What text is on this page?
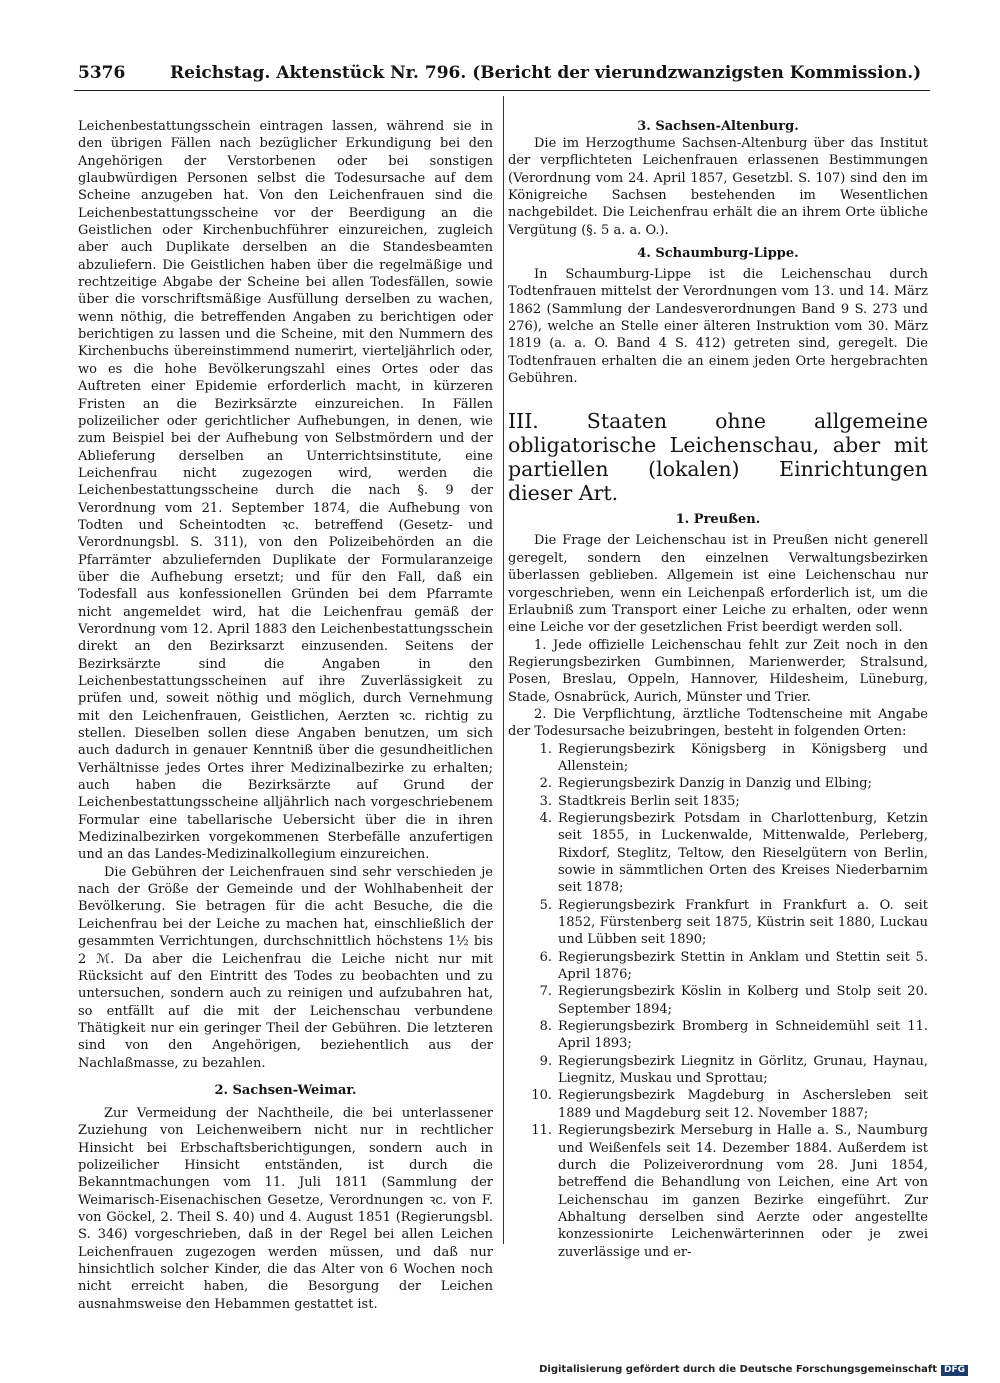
5376	Reichstag. Aktenstück Nr. 796. (Bericht der vierundzwanzigsten Kommission.)

Leichenbestattungsschein eintragen lassen, während sie in den übrigen Fällen nach bezüglicher Erkundigung bei den Angehörigen der Verstorbenen oder bei sonstigen glaubwürdigen Personen selbst die Todesursache auf dem Scheine anzugeben hat. Von den Leichenfrauen sind die Leichenbestattungsscheine vor der Beerdigung an die Geistlichen oder Kirchenbuchführer einzureichen, zugleich aber auch Duplikate derselben an die Standesbeamten abzuliefern. Die Geistlichen haben über die regelmäßige und rechtzeitige Abgabe der Scheine bei allen Todesfällen, sowie über die vorschriftsmäßige Ausfüllung derselben zu wachen, wenn nöthig, die betreffenden Angaben zu berichtigen oder berichtigen zu lassen und die Scheine, mit den Nummern des Kirchenbuchs übereinstimmend numerirt, vierteljährlich oder, wo es die hohe Bevölkerungszahl eines Ortes oder das Auftreten einer Epidemie erforderlich macht, in kürzeren Fristen an die Bezirksärzte einzureichen. In Fällen polizeilicher oder gerichtlicher Aufhebungen, in denen, wie zum Beispiel bei der Aufhebung von Selbstmördern und der Ablieferung derselben an Unterrichtsinstitute, eine Leichenfrau nicht zugezogen wird, werden die Leichenbestattungsscheine durch die nach §. 9 der Verordnung vom 21. September 1874, die Aufhebung von Todten und Scheintodten ꝛc. betreffend (Gesetz- und Verordnungsbl. S. 311), von den Polizeibehörden an die Pfarrämter abzuliefernden Duplikate der Formularanzeige über die Aufhebung ersetzt; und für den Fall, daß ein Todesfall aus konfessionellen Gründen bei dem Pfarramte nicht angemeldet wird, hat die Leichenfrau gemäß der Verordnung vom 12. April 1883 den Leichenbestattungsschein direkt an den Bezirksarzt einzusenden. Seitens der Bezirksärzte sind die Angaben in den Leichenbestattungsscheinen auf ihre Zuverlässigkeit zu prüfen und, soweit nöthig und möglich, durch Vernehmung mit den Leichenfrauen, Geistlichen, Aerzten ꝛc. richtig zu stellen. Dieselben sollen diese Angaben benutzen, um sich auch dadurch in genauer Kenntniß über die gesundheitlichen Verhältnisse jedes Ortes ihrer Medizinalbezirke zu erhalten; auch haben die Bezirksärzte auf Grund der Leichenbestattungsscheine alljährlich nach vorgeschriebenem Formular eine tabellarische Uebersicht über die in ihren Medizinalbezirken vorgekommenen Sterbefälle anzufertigen und an das Landes-Medizinalkollegium einzureichen.

Die Gebühren der Leichenfrauen sind sehr verschieden je nach der Größe der Gemeinde und der Wohlhabenheit der Bevölkerung. Sie betragen für die acht Besuche, die die Leichenfrau bei der Leiche zu machen hat, einschließlich der gesammten Verrichtungen, durchschnittlich höchstens 1½ bis 2 ℳ. Da aber die Leichenfrau die Leiche nicht nur mit Rücksicht auf den Eintritt des Todes zu beobachten und zu untersuchen, sondern auch zu reinigen und aufzubahren hat, so entfällt auf die mit der Leichenschau verbundene Thätigkeit nur ein geringer Theil der Gebühren. Die letzteren sind von den Angehörigen, beziehentlich aus der Nachlaßmasse, zu bezahlen.

2. Sachsen-Weimar.

Zur Vermeidung der Nachtheile, die bei unterlassener Zuziehung von Leichenweibern nicht nur in rechtlicher Hinsicht bei Erbschaftsberichtigungen, sondern auch in polizeilicher Hinsicht entständen, ist durch die Bekanntmachungen vom 11. Juli 1811 (Sammlung der Weimarisch-Eisenachischen Gesetze, Verordnungen ꝛc. von F. von Göckel, 2. Theil S. 40) und 4. August 1851 (Regierungsbl. S. 346) vorgeschrieben, daß in der Regel bei allen Leichen Leichenfrauen zugezogen werden müssen, und daß nur hinsichtlich solcher Kinder, die das Alter von 6 Wochen noch nicht erreicht haben, die Besorgung der Leichen ausnahmsweise den Hebammen gestattet ist.

3. Sachsen-Altenburg.

Die im Herzogthume Sachsen-Altenburg über das Institut der verpflichteten Leichenfrauen erlassenen Bestimmungen (Verordnung vom 24. April 1857, Gesetzbl. S. 107) sind den im Königreiche Sachsen bestehenden im Wesentlichen nachgebildet. Die Leichenfrau erhält die an ihrem Orte übliche Vergütung (§. 5 a. a. O.).

4. Schaumburg-Lippe.

In Schaumburg-Lippe ist die Leichenschau durch Todtenfrauen mittelst der Verordnungen vom 13. und 14. März 1862 (Sammlung der Landesverordnungen Band 9 S. 273 und 276), welche an Stelle einer älteren Instruktion vom 30. März 1819 (a. a. O. Band 4 S. 412) getreten sind, geregelt. Die Todtenfrauen erhalten die an einem jeden Orte hergebrachten Gebühren.

III. Staaten ohne allgemeine obligatorische Leichenschau, aber mit partiellen (lokalen) Einrichtungen dieser Art.
1. Preußen.

Die Frage der Leichenschau ist in Preußen nicht generell geregelt, sondern den einzelnen Verwaltungsbezirken überlassen geblieben. Allgemein ist eine Leichenschau nur vorgeschrieben, wenn ein Leichenpaß erforderlich ist, um die Erlaubniß zum Transport einer Leiche zu erhalten, oder wenn eine Leiche vor der gesetzlichen Frist beerdigt werden soll.

1. Jede offizielle Leichenschau fehlt zur Zeit noch in den Regierungsbezirken Gumbinnen, Marienwerder, Stralsund, Posen, Breslau, Oppeln, Hannover, Hildesheim, Lüneburg, Stade, Osnabrück, Aurich, Münster und Trier.

2. Die Verpflichtung, ärztliche Todtenscheine mit Angabe der Todesursache beizubringen, besteht in folgenden Orten:

1. Regierungsbezirk Königsberg in Königsberg und Allenstein;
2. Regierungsbezirk Danzig in Danzig und Elbing;
3. Stadtkreis Berlin seit 1835;
4. Regierungsbezirk Potsdam in Charlottenburg, Ketzin seit 1855, in Luckenwalde, Mittenwalde, Perleberg, Rixdorf, Steglitz, Teltow, den Rieselgütern von Berlin, sowie in sämmtlichen Orten des Kreises Niederbarnim seit 1878;
5. Regierungsbezirk Frankfurt in Frankfurt a. O. seit 1852, Fürstenberg seit 1875, Küstrin seit 1880, Luckau und Lübben seit 1890;
6. Regierungsbezirk Stettin in Anklam und Stettin seit 5. April 1876;
7. Regierungsbezirk Köslin in Kolberg und Stolp seit 20. September 1894;
8. Regierungsbezirk Bromberg in Schneidemühl seit 11. April 1893;
9. Regierungsbezirk Liegnitz in Görlitz, Grunau, Haynau, Liegnitz, Muskau und Sprottau;
10. Regierungsbezirk Magdeburg in Aschersleben seit 1889 und Magdeburg seit 12. November 1887;
11. Regierungsbezirk Merseburg in Halle a. S., Naumburg und Weißenfels seit 14. Dezember 1884. Außerdem ist durch die Polizeiverordnung vom 28. Juni 1854, betreffend die Behandlung von Leichen, eine Art von Leichenschau im ganzen Bezirke eingeführt. Zur Abhaltung derselben sind Aerzte oder angestellte konzessionirte Leichenwärterinnen oder je zwei zuverlässige und er-
Digitalisierung gefördert durch die Deutsche Forschungsgemeinschaft DFG
